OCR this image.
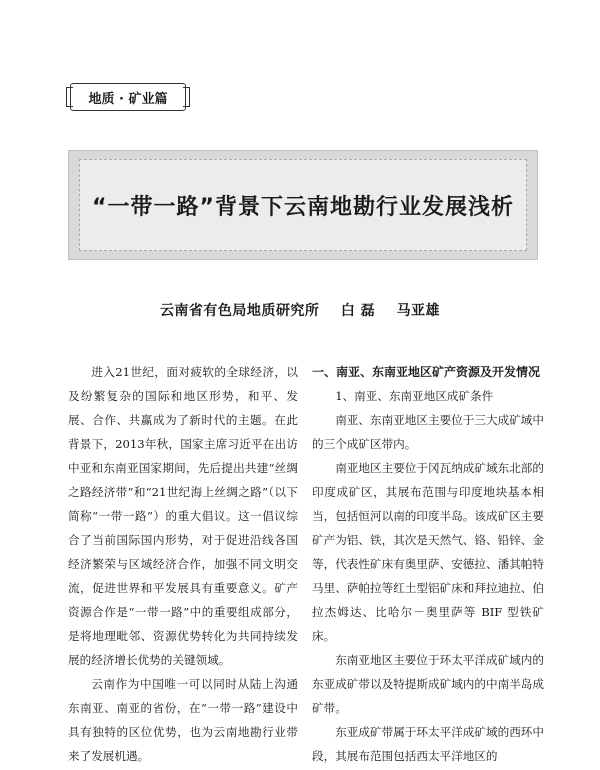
地质 · 矿业篇
“一带一路”背景下云南地勘行业发展浅析
云南省有色局地质研究所 白 磊 马亚雄

进入21世纪，面对疲软的全球经济，以及纷繁复杂的国际和地区形势，和平、发展、合作、共赢成为了新时代的主题。在此背景下，2013年秋，国家主席习近平在出访中亚和东南亚国家期间，先后提出共建“丝绸之路经济带”和“21世纪海上丝绸之路”（以下简称“一带一路”）的重大倡议。这一倡议综合了当前国际国内形势，对于促进沿线各国经济繁荣与区域经济合作，加强不同文明交流，促进世界和平发展具有重要意义。矿产资源合作是“一带一路”中的重要组成部分，是将地理毗邻、资源优势转化为共同持续发展的经济增长优势的关键领域。

云南作为中国唯一可以同时从陆上沟通东南亚、南亚的省份，在“一带一路”建设中具有独特的区位优势，也为云南地勘行业带来了发展机遇。

一、南亚、东南亚地区矿产资源及开发情况
1、南亚、东南亚地区成矿条件

南亚、东南亚地区主要位于三大成矿域中的三个成矿区带内。

南亚地区主要位于冈瓦纳成矿域东北部的印度成矿区，其展布范围与印度地块基本相当，包括恒河以南的印度半岛。该成矿区主要矿产为铝、铁，其次是天然气、铬、铅锌、金等，代表性矿床有奥里萨、安德拉、潘其帕特马里、萨帕拉等红土型铝矿床和拜拉迪拉、伯拉杰姆达、比哈尔－奥里萨等 BIF 型铁矿床。

东南亚地区主要位于环太平洋成矿域内的东亚成矿带以及特提斯成矿域内的中南半岛成矿带。

东亚成矿带属于环太平洋成矿域的西环中段，其展布范围包括西太平洋地区的
